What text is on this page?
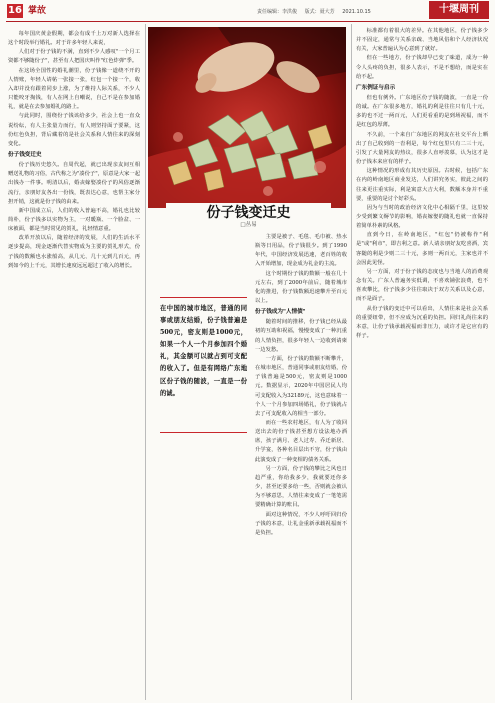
16 掌故	责任编辑：李洪俊 版式：聂大芳 2021.10.15	十堰周刊

每年国庆黄金假期，都会有成千上万对新人选择在这个时段举行婚礼。对于许多年轻人来说，

人们对于份子钱的不满，直到不少人感叹"一个月工资都不够随份子"，甚至有人把国庆叫作"红色炸弹"季。

在这场全国性的婚礼潮里，份子钱像一道绕不开的人情账，年轻人请帖一张接一张，红包一个接一个，收入却并没有跟着同步上涨，为了维持人际关系，不少人只能咬牙掏钱，有人在网上自嘲说，自己不是在参加婚礼，就是在去参加婚礼的路上。

与此同时，围绕份子钱该给多少，社会上也一直众说纷纭，有人主张量力而行，有人则坚持面子要紧，这份红色负担，背后藏着的是社会关系和人情往来的深刻变化。

份子钱变迁史

份子钱历史悠久。自周代起，就已出现亲友间互相赠送礼物的习俗，古代称之为"凑份子"，原意是大家一起出钱办一件事。明清以后，婚丧嫁娶凑份子的风俗逐渐流行，亲朋好友各出一份钱，既表达心意，也帮主家分担开销，这就是份子钱的由来。

新中国成立后，人们的收入普遍不高，婚礼也比较简朴，份子钱多以实物为主，一对暖瓶、一个脸盆、一床被面，都是当时常见的贺礼，礼轻情意重。

改革开放以后，随着经济的发展，人们的生活水平逐步提高，现金逐渐代替实物成为主要的贺礼形式，份子钱的数额也水涨船高，从几元、几十元到几百元，再到如今的上千元，其增长速度远远超过了收入的增长。

份子钱变迁史
□丛易

主要是被子、毛毯、毛巾被、热水瓶等日用品，份子钱很少。到了1990年代，中国经济发展迅速，老百姓的收入开始增加，现金成为礼金的主流。

这个时期份子钱的数额一般在几十元左右，到了2000年前后，随着城市化的推进，份子钱数额迅速攀升至百元以上。

份子钱成为"人情债"

随着时间的推移，份子钱已经从最初的互助和祝福，慢慢变成了一种沉重的人情负担，很多年轻人一边收到请柬一边发愁。

一方面，份子钱的数额不断攀升，在城市地区，普通同事或朋友结婚，份子钱普遍是500元，密友则是1000元。数据显示，2020年中国居民人均可支配收入为32189元，这也意味着一个人一个月参加四场婚礼，份子钱就占去了可支配收入的相当一部分。

而在一些农村地区，有人为了收回送出去的份子钱甚至想方设法地办酒席，孩子满月、老人过寿、乔迁新居、升学宴，各种名目层出不穷，份子钱由此演变成了一种变相的债务关系。

另一方面，份子钱的攀比之风也日趋严重，你给我多少，我就要还你多少，甚至还要多给一些，否则就会被认为不够意思，人情往来变成了一笔笔需要精确计算的账目。

面对这种情况，不少人呼吁回归份子钱的本意，让礼金重新承载祝福而不是负担。

在中国的城市地区，普通的同事或朋友结婚，份子钱普遍是500元，密友则是1000元，如果一个人一个月参加四个婚礼，其金额可以就占到可支配的收入了。但是有网络广东地区份子钱的随波，一直是一份的诚。

标准都有着很大的差异。在其他地区，份子钱多少并不固定，通常与关系亲疏、当地风俗和个人经济状况有关，大家普遍认为心意到了就好。

但在一些地方，份子钱却早已变了味道，成为一种令人头疼的负担，很多人表示，不是不想给，而是实在给不起。

广东例证与启示

但也有例外。广东地区份子钱的随波，一直是一份的诚。在广东很多地方，婚礼的利是往往只有几十元，多的也不过一两百元，人们更看重的是到场祝福，而不是红包的厚薄。

不久前，一个来自广东地区的网友在社交平台上晒出了自己收到的一沓利是，每个红包里只有二三十元，引发了大量网友的热议，很多人直呼羡慕，认为这才是份子钱本来应有的样子。

这种情况的形成有其历史原因。古时候，包括广东在内的岭南地区商业发达，人们讲究务实，彼此之间的往来更注重实际，利是寓意大吉大利，数额本身并不重要，重要的是讨个好彩头。

因为与当时的政治经济文化中心相隔千里，这里较少受到繁文缛节的影响，婚丧嫁娶的随礼也就一直保持着简单朴素的风格。

直到今日，在岭南地区，"红包"仍被称作"利是"或"利市"，即吉利之意。新人请亲朋好友吃喜酒，宾客随的利是少则二三十元，多则一两百元，主家也并不会因此见怪。

另一方面，对于份子钱的态度也与当地人的消费观念有关。广东人普遍务实低调，不喜欢铺张浪费，也不喜欢攀比，份子钱多少往往取决于双方关系以及心意，而不是面子。

从份子钱的变迁中可以看出，人情往来是社会关系的重要纽带，但不应成为沉重的负担。回归礼尚往来的本意，让份子钱承载祝福而非压力，或许才是它应有的样子。
